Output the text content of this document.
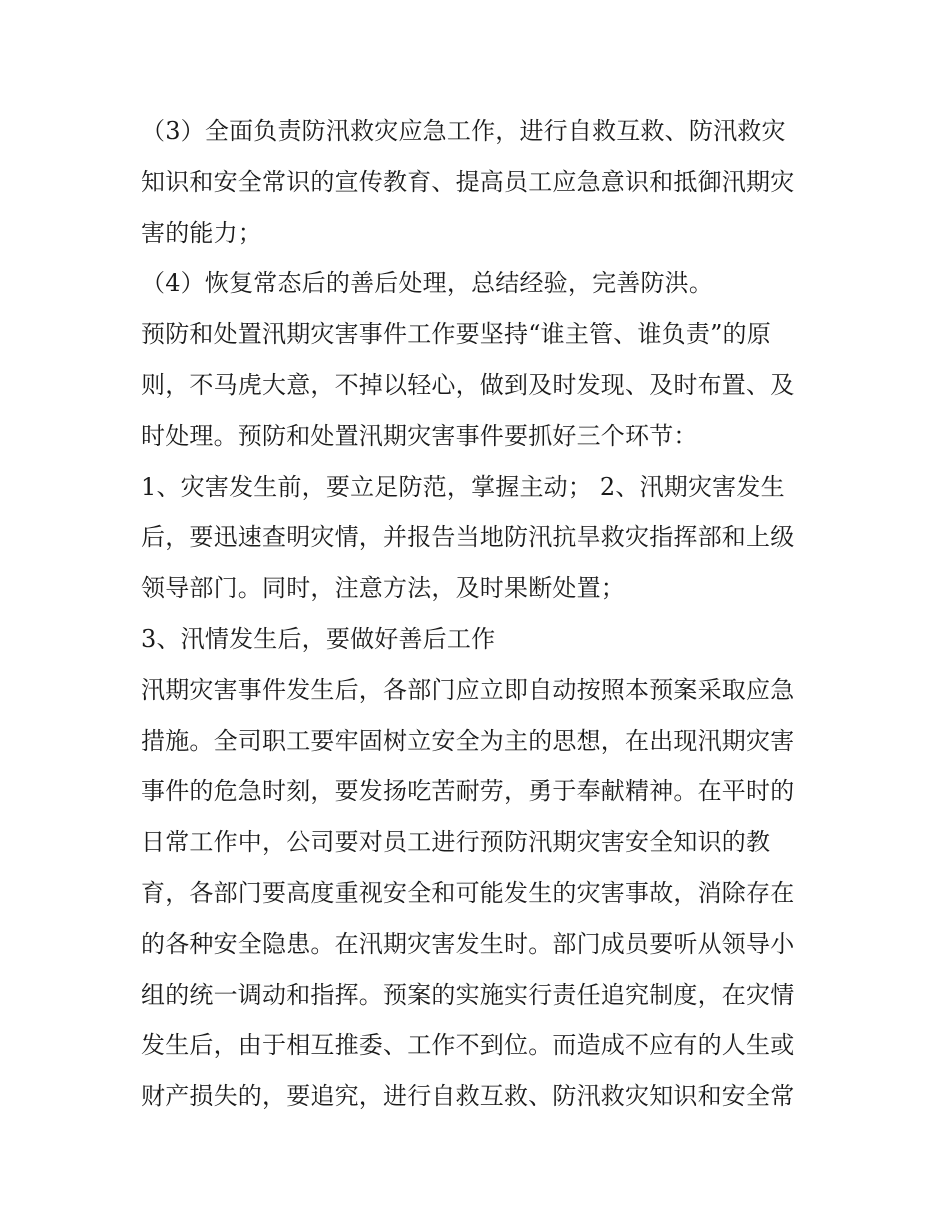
（3）全面负责防汛救灾应急工作，进行自救互救、防汛救灾
知识和安全常识的宣传教育、提高员工应急意识和抵御汛期灾
害的能力；
（4）恢复常态后的善后处理，总结经验，完善防洪。
预防和处置汛期灾害事件工作要坚持“谁主管、谁负责”的原
则，不马虎大意，不掉以轻心，做到及时发现、及时布置、及
时处理。预防和处置汛期灾害事件要抓好三个环节：
1、灾害发生前，要立足防范，掌握主动； 2、汛期灾害发生
后，要迅速查明灾情，并报告当地防汛抗旱救灾指挥部和上级
领导部门。同时，注意方法，及时果断处置；
3、汛情发生后，要做好善后工作
汛期灾害事件发生后，各部门应立即自动按照本预案采取应急
措施。全司职工要牢固树立安全为主的思想，在出现汛期灾害
事件的危急时刻，要发扬吃苦耐劳，勇于奉献精神。在平时的
日常工作中，公司要对员工进行预防汛期灾害安全知识的教
育，各部门要高度重视安全和可能发生的灾害事故，消除存在
的各种安全隐患。在汛期灾害发生时。部门成员要听从领导小
组的统一调动和指挥。预案的实施实行责任追究制度，在灾情
发生后，由于相互推委、工作不到位。而造成不应有的人生或
财产损失的，要追究，进行自救互救、防汛救灾知识和安全常
